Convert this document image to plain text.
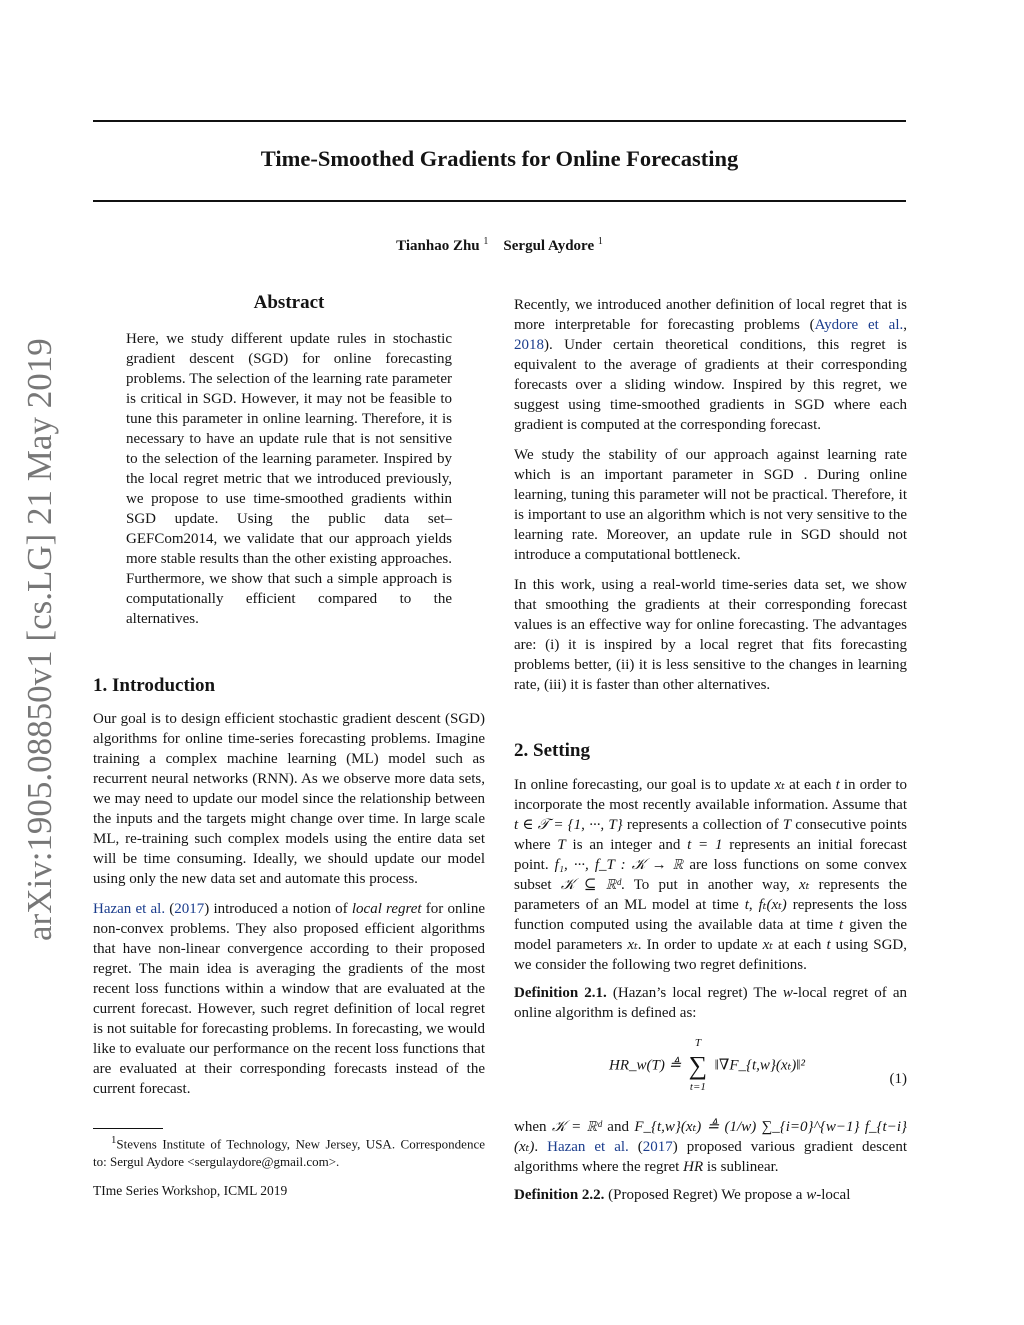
Time-Smoothed Gradients for Online Forecasting
Tianhao Zhu $^1$ Sergul Aydore $^1$
arXiv:1905.08850v1 [cs.LG] 21 May 2019
Abstract

Here, we study different update rules in stochastic gradient descent (SGD) for online forecasting problems. The selection of the learning rate parameter is critical in SGD. However, it may not be feasible to tune this parameter in online learning. Therefore, it is necessary to have an update rule that is not sensitive to the selection of the learning parameter. Inspired by the local regret metric that we introduced previously, we propose to use time-smoothed gradients within SGD update. Using the public data set– GEFCom2014, we validate that our approach yields more stable results than the other existing approaches. Furthermore, we show that such a simple approach is computationally efficient compared to the alternatives.

1. Introduction

Our goal is to design efficient stochastic gradient descent (SGD) algorithms for online time-series forecasting problems. Imagine training a complex machine learning (ML) model such as recurrent neural networks (RNN). As we observe more data sets, we may need to update our model since the relationship between the inputs and the targets might change over time. In large scale ML, re-training such complex models using the entire data set will be time consuming. Ideally, we should update our model using only the new data set and automate this process.

Hazan et al. (2017) introduced a notion of local regret for online non-convex problems. They also proposed efficient algorithms that have non-linear convergence according to their proposed regret. The main idea is averaging the gradients of the most recent loss functions within a window that are evaluated at the current forecast. However, such regret definition of local regret is not suitable for forecasting problems. In forecasting, we would like to evaluate our performance on the recent loss functions that are evaluated at their corresponding forecasts instead of the current forecast.

$^1$Stevens Institute of Technology, New Jersey, USA. Correspondence to: Sergul Aydore <sergulaydore@gmail.com>.

TIme Series Workshop, ICML 2019

Recently, we introduced another definition of local regret that is more interpretable for forecasting problems (Aydore et al., 2018). Under certain theoretical conditions, this regret is equivalent to the average of gradients at their corresponding forecasts over a sliding window. Inspired by this regret, we suggest using time-smoothed gradients in SGD where each gradient is computed at the corresponding forecast.

We study the stability of our approach against learning rate which is an important parameter in SGD . During online learning, tuning this parameter will not be practical. Therefore, it is important to use an algorithm which is not very sensitive to the learning rate. Moreover, an update rule in SGD should not introduce a computational bottleneck.

In this work, using a real-world time-series data set, we show that smoothing the gradients at their corresponding forecast values is an effective way for online forecasting. The advantages are: (i) it is inspired by a local regret that fits forecasting problems better, (ii) it is less sensitive to the changes in learning rate, (iii) it is faster than other alternatives.

2. Setting

In online forecasting, our goal is to update xₜ at each t in order to incorporate the most recently available information. Assume that t ∈ 𝒯 = {1, ···, T} represents a collection of T consecutive points where T is an integer and t = 1 represents an initial forecast point. f₁, ···, f_T : 𝒦 → ℝ are loss functions on some convex subset 𝒦 ⊆ ℝᵈ. To put in another way, xₜ represents the parameters of an ML model at time t, fₜ(xₜ) represents the loss function computed using the available data at time t given the model parameters xₜ. In order to update xₜ at each t using SGD, we consider the following two regret definitions.

Definition 2.1. (Hazan’s local regret) The w-local regret of an online algorithm is defined as:

HR_w(T) ≜
T
∑
t=1
‖∇F_{t,w}(xₜ)‖²
(1)

when 𝒦 = ℝᵈ and F_{t,w}(xₜ) ≜ (1/w) ∑_{i=0}^{w−1} f_{t−i}(xₜ). Hazan et al. (2017) proposed various gradient descent algorithms where the regret HR is sublinear.

Definition 2.2. (Proposed Regret) We propose a w-local
